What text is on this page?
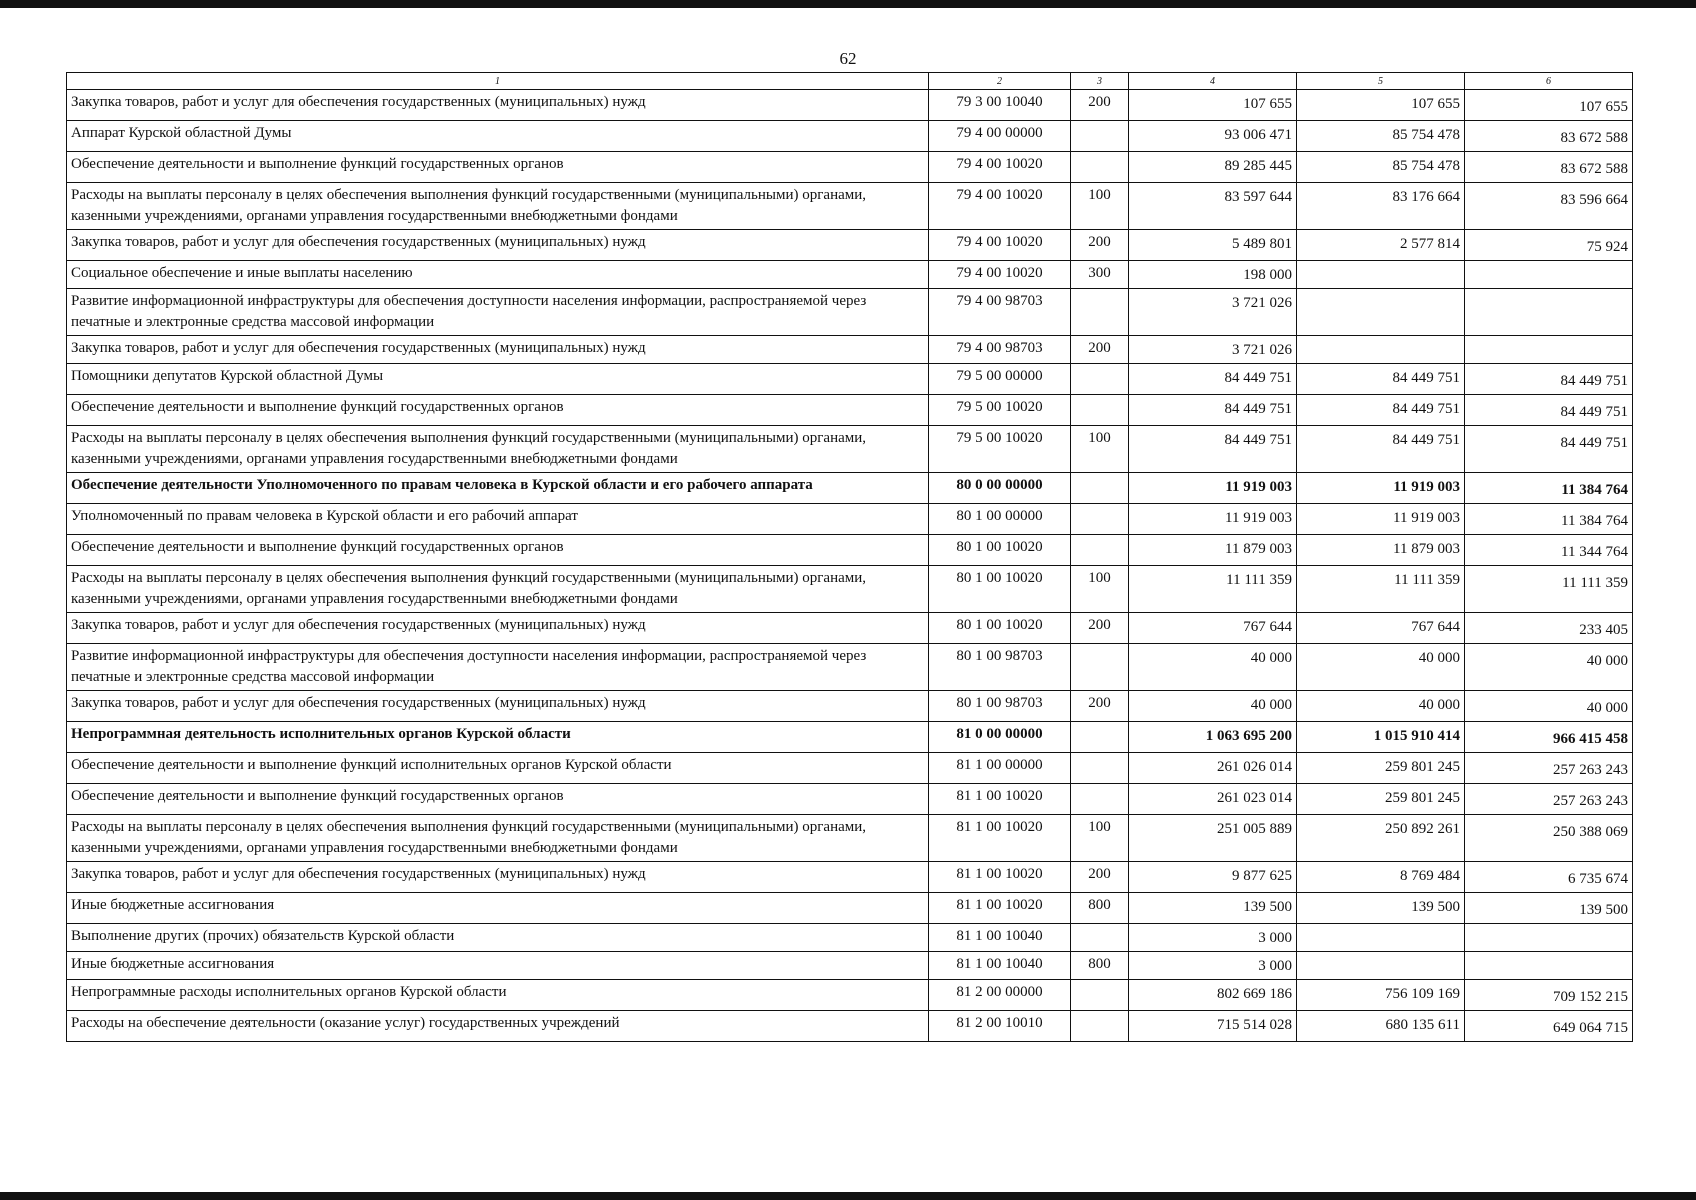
62
1	2	3	4	5	6
Закупка товаров, работ и услуг для обеспечения государственных (муниципальных) нужд	79 3 00 10040	200	107 655	107 655	107 655
Аппарат Курской областной Думы	79 4 00 00000		93 006 471	85 754 478	83 672 588
Обеспечение деятельности и выполнение функций государственных органов	79 4 00 10020		89 285 445	85 754 478	83 672 588
Расходы на выплаты персоналу в целях обеспечения выполнения функций государственными (муниципальными) органами, казенными учреждениями, органами управления государственными внебюджетными фондами	79 4 00 10020	100	83 597 644	83 176 664	83 596 664
Закупка товаров, работ и услуг для обеспечения государственных (муниципальных) нужд	79 4 00 10020	200	5 489 801	2 577 814	75 924
Социальное обеспечение и иные выплаты населению	79 4 00 10020	300	198 000		
Развитие информационной инфраструктуры для обеспечения доступности населения информации, распространяемой через печатные и электронные средства массовой информации	79 4 00 98703		3 721 026		
Закупка товаров, работ и услуг для обеспечения государственных (муниципальных) нужд	79 4 00 98703	200	3 721 026		
Помощники депутатов Курской областной Думы	79 5 00 00000		84 449 751	84 449 751	84 449 751
Обеспечение деятельности и выполнение функций государственных органов	79 5 00 10020		84 449 751	84 449 751	84 449 751
Расходы на выплаты персоналу в целях обеспечения выполнения функций государственными (муниципальными) органами, казенными учреждениями, органами управления государственными внебюджетными фондами	79 5 00 10020	100	84 449 751	84 449 751	84 449 751
Обеспечение деятельности Уполномоченного по правам человека в Курской области и его рабочего аппарата	80 0 00 00000		11 919 003	11 919 003	11 384 764
Уполномоченный по правам человека в Курской области и его рабочий аппарат	80 1 00 00000		11 919 003	11 919 003	11 384 764
Обеспечение деятельности и выполнение функций государственных органов	80 1 00 10020		11 879 003	11 879 003	11 344 764
Расходы на выплаты персоналу в целях обеспечения выполнения функций государственными (муниципальными) органами, казенными учреждениями, органами управления государственными внебюджетными фондами	80 1 00 10020	100	11 111 359	11 111 359	11 111 359
Закупка товаров, работ и услуг для обеспечения государственных (муниципальных) нужд	80 1 00 10020	200	767 644	767 644	233 405
Развитие информационной инфраструктуры для обеспечения доступности населения информации, распространяемой через печатные и электронные средства массовой информации	80 1 00 98703		40 000	40 000	40 000
Закупка товаров, работ и услуг для обеспечения государственных (муниципальных) нужд	80 1 00 98703	200	40 000	40 000	40 000
Непрограммная деятельность исполнительных органов Курской области	81 0 00 00000		1 063 695 200	1 015 910 414	966 415 458
Обеспечение деятельности и выполнение функций исполнительных органов Курской области	81 1 00 00000		261 026 014	259 801 245	257 263 243
Обеспечение деятельности и выполнение функций государственных органов	81 1 00 10020		261 023 014	259 801 245	257 263 243
Расходы на выплаты персоналу в целях обеспечения выполнения функций государственными (муниципальными) органами, казенными учреждениями, органами управления государственными внебюджетными фондами	81 1 00 10020	100	251 005 889	250 892 261	250 388 069
Закупка товаров, работ и услуг для обеспечения государственных (муниципальных) нужд	81 1 00 10020	200	9 877 625	8 769 484	6 735 674
Иные бюджетные ассигнования	81 1 00 10020	800	139 500	139 500	139 500
Выполнение других (прочих) обязательств Курской области	81 1 00 10040		3 000		
Иные бюджетные ассигнования	81 1 00 10040	800	3 000		
Непрограммные расходы исполнительных органов Курской области	81 2 00 00000		802 669 186	756 109 169	709 152 215
Расходы на обеспечение деятельности (оказание услуг) государственных учреждений	81 2 00 10010		715 514 028	680 135 611	649 064 715
